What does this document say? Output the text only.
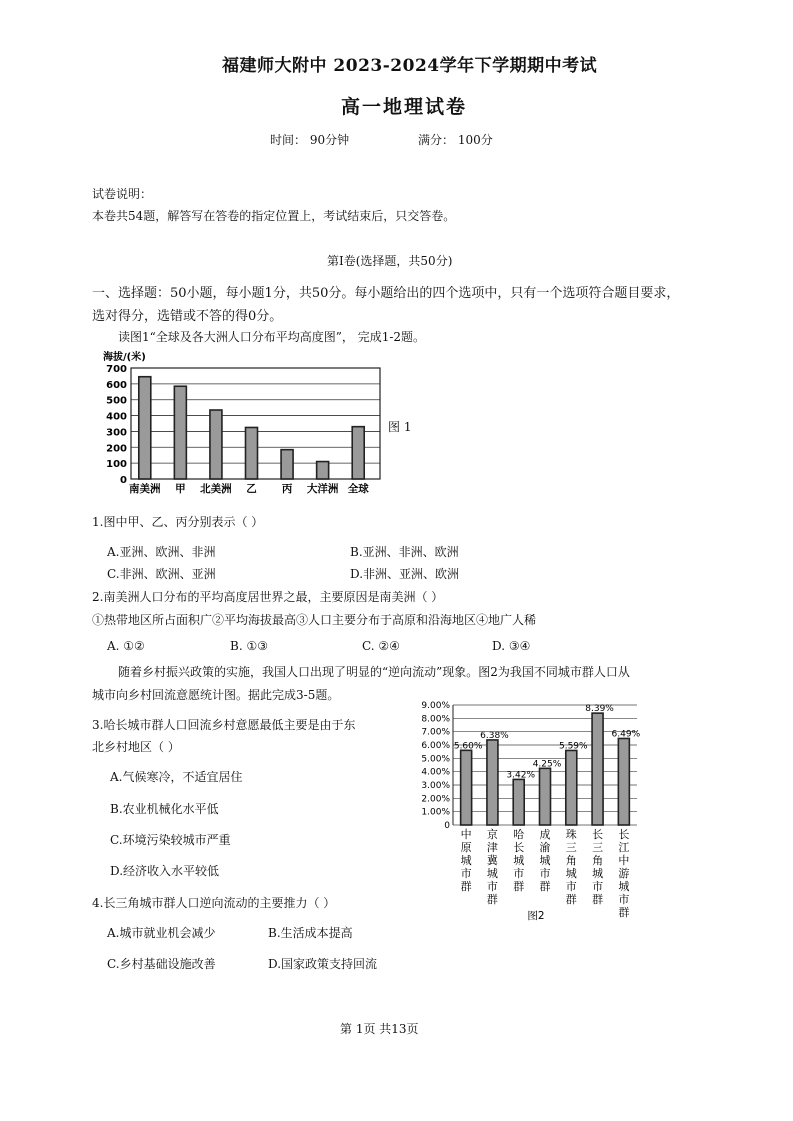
福建师大附中 2023-2024学年下学期期中考试
高一地理试卷
时间： 90分钟	满分： 100分
试卷说明：
本卷共54题，解答写在答卷的指定位置上，考试结束后，只交答卷。
第Ⅰ卷(选择题，共50分)
一、选择题：50小题，每小题1分，共50分。每小题给出的四个选项中，只有一个选项符合题目要求，
选对得分，选错或不答的得0分。
读图1“全球及各大洲人口分布平均高度图”， 完成1-2题。
海拔/(米)
0
100
200
300
400
500
600
700
南美洲 甲 北美洲 乙 丙 大洋洲 全球
图 1
1.图中甲、乙、丙分别表示（ ）
A.亚洲、欧洲、非洲	B.亚洲、非洲、欧洲
C.非洲、欧洲、亚洲	D.非洲、亚洲、欧洲
2.南美洲人口分布的平均高度居世界之最，主要原因是南美洲（ ）
①热带地区所占面积广②平均海拔最高③人口主要分布于高原和沿海地区④地广人稀
A. ①②	B. ①③	C. ②④	D. ③④
随着乡村振兴政策的实施，我国人口出现了明显的“逆向流动”现象。图2为我国不同城市群人口从
城市向乡村回流意愿统计图。据此完成3-5题。
3.哈长城市群人口回流乡村意愿最低主要是由于东
北乡村地区（ ）
A.气候寒冷，不适宜居住
B.农业机械化水平低
C.环境污染较城市严重
D.经济收入水平较低
4.长三角城市群人口逆向流动的主要推力（ ）
A.城市就业机会减少	B.生活成本提高
C.乡村基础设施改善	D.国家政策支持回流
0
1.00%
2.00%
3.00%
4.00%
5.00%
6.00%
7.00%
8.00%
9.00%
5.60%
中原城市群
6.38%
京津冀城市群
3.42%
哈长城市群
4.25%
成渝城市群
5.59%
珠三角城市群
8.39%
长三角城市群
6.49%
长江中游城市群
图2
第 1页 共13页
